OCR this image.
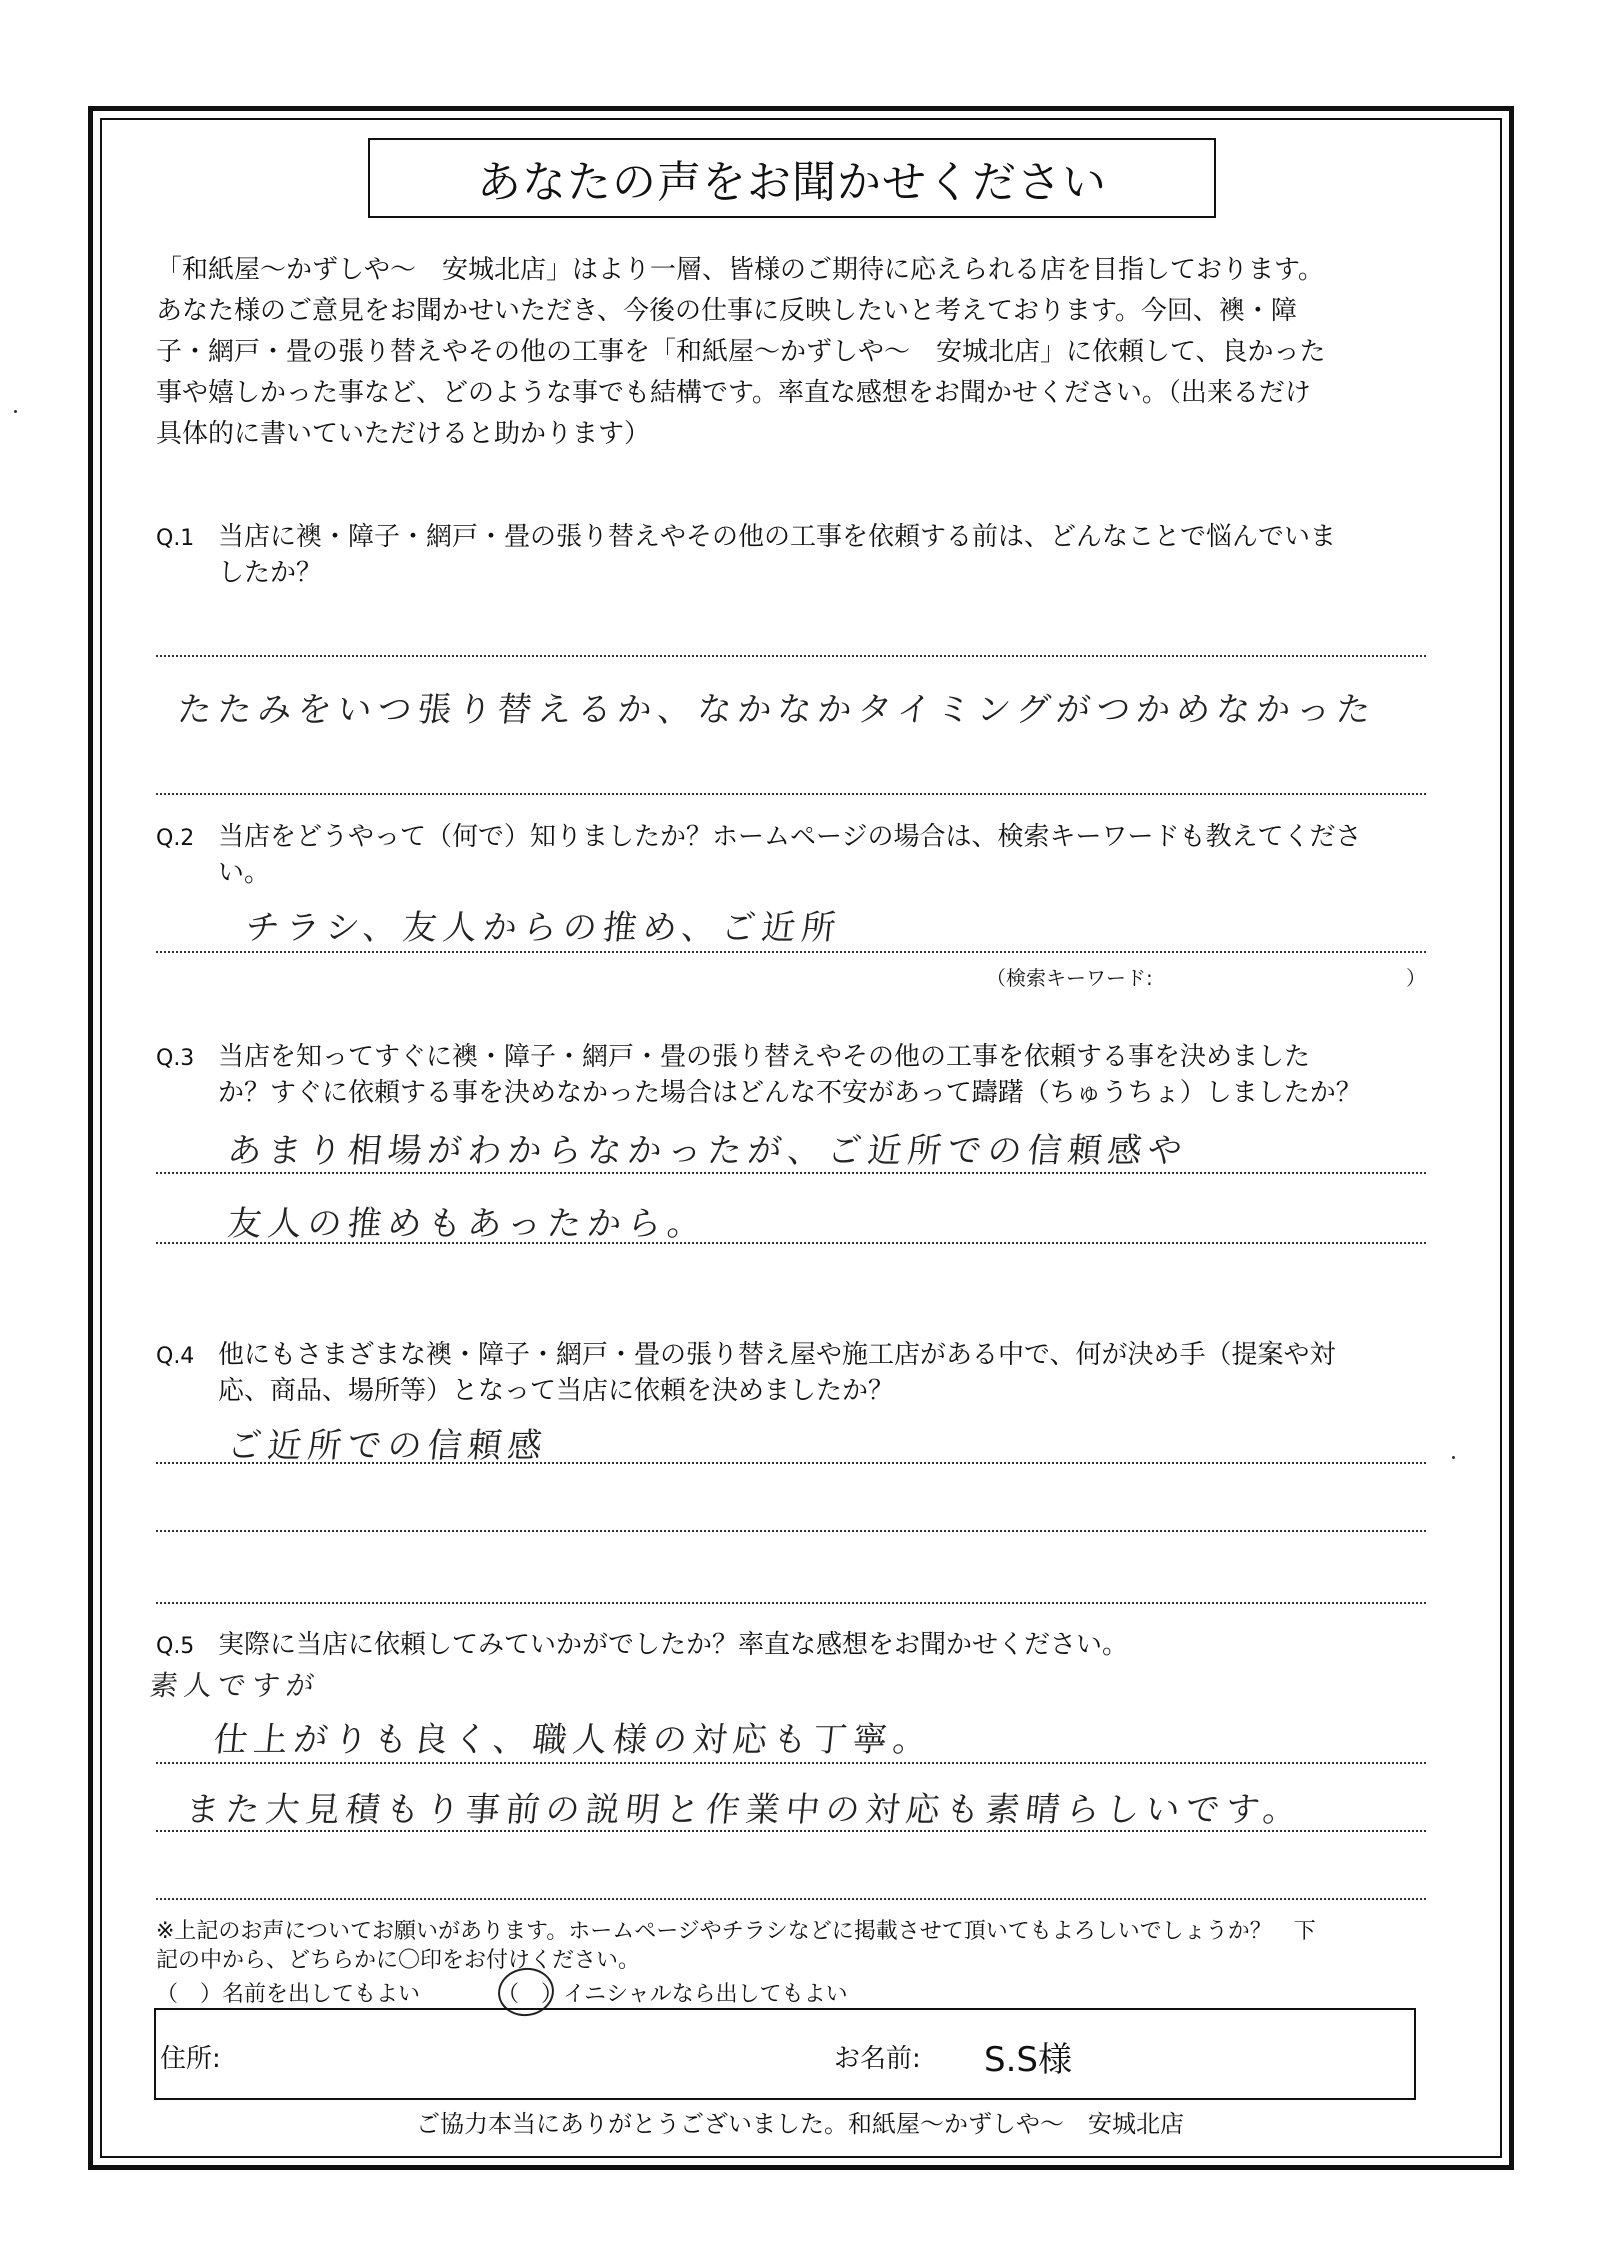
あなたの声をお聞かせください

「和紙屋～かずしや～　安城北店」はより一層、皆様のご期待に応えられる店を目指しております。

あなた様のご意見をお聞かせいただき、今後の仕事に反映したいと考えております。今回、襖・障

子・網戸・畳の張り替えやその他の工事を「和紙屋～かずしや～　安城北店」に依頼して、良かった

事や嬉しかった事など、どのような事でも結構です。率直な感想をお聞かせください。（出来るだけ

具体的に書いていただけると助かります）

Q.1 当店に襖・障子・網戸・畳の張り替えやその他の工事を依頼する前は、どんなことで悩んでいま
したか？
たたみをいつ張り替えるか、なかなかタイミングがつかめなかった
Q.2 当店をどうやって（何で）知りましたか？ホームページの場合は、検索キーワードも教えてくださ
い。
チラシ、友人からの推め、ご近所
（検索キーワード:	）
Q.3 当店を知ってすぐに襖・障子・網戸・畳の張り替えやその他の工事を依頼する事を決めました
か？すぐに依頼する事を決めなかった場合はどんな不安があって躊躇（ちゅうちょ）しましたか？
あまり相場がわからなかったが、ご近所での信頼感や
友人の推めもあったから。
Q.4 他にもさまざまな襖・障子・網戸・畳の張り替え屋や施工店がある中で、何が決め手（提案や対
応、商品、場所等）となって当店に依頼を決めましたか？
ご近所での信頼感
Q.5 実際に当店に依頼してみていかがでしたか？率直な感想をお聞かせください。
素人ですが
仕上がりも良く、職人様の対応も丁寧。
また大見積もり事前の説明と作業中の対応も素晴らしいです。

※上記のお声についてお願いがあります。ホームページやチラシなどに掲載させて頂いてもよろしいでしょうか？　下

記の中から、どちらかに〇印をお付けください。

（　）名前を出してもよい	（　）イニシャルなら出してもよい
住所:	お名前: S.S様
ご協力本当にありがとうございました。和紙屋～かずしや～　安城北店
